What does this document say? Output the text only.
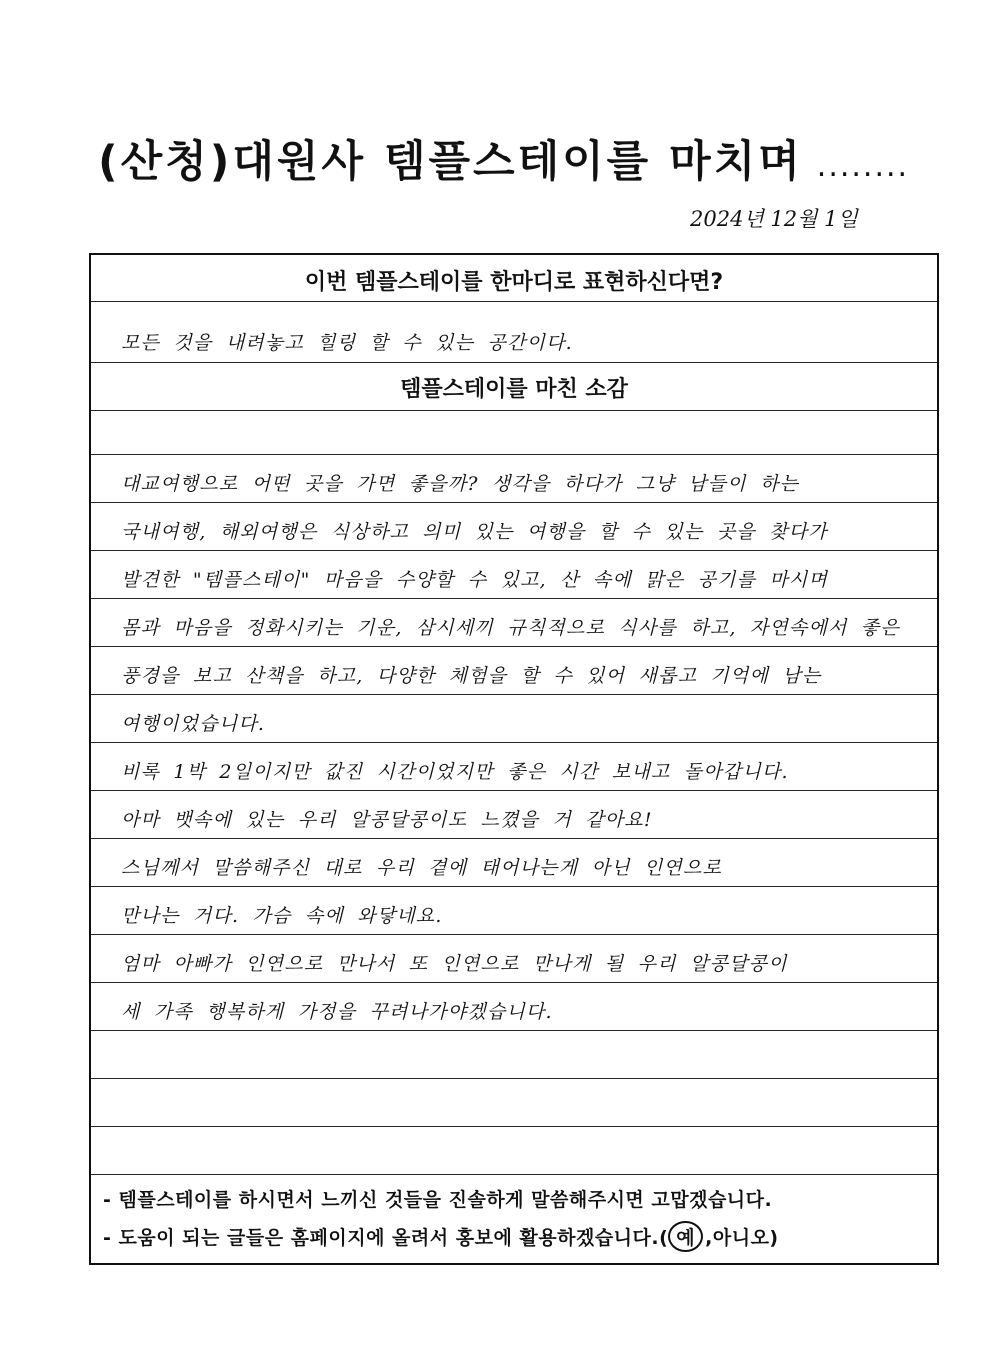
(산청)대원사 템플스테이를 마치며 ........
2024년 12월 1일
이번 템플스테이를 한마디로 표현하신다면?
모든 것을 내려놓고 힐링 할 수 있는 공간이다.
템플스테이를 마친 소감
대교여행으로 어떤 곳을 가면 좋을까? 생각을 하다가 그냥 남들이 하는
국내여행, 해외여행은 식상하고 의미 있는 여행을 할 수 있는 곳을 찾다가
발견한 "템플스테이" 마음을 수양할 수 있고, 산 속에 맑은 공기를 마시며
몸과 마음을 정화시키는 기운, 삼시세끼 규칙적으로 식사를 하고, 자연속에서 좋은
풍경을 보고 산책을 하고, 다양한 체험을 할 수 있어 새롭고 기억에 남는
여행이었습니다.
비록 1박 2일이지만 값진 시간이었지만 좋은 시간 보내고 돌아갑니다.
아마 뱃속에 있는 우리 알콩달콩이도 느꼈을 거 같아요!
스님께서 말씀해주신 대로 우리 곁에 태어나는게 아닌 인연으로
만나는 거다. 가슴 속에 와닿네요.
엄마 아빠가 인연으로 만나서 또 인연으로 만나게 될 우리 알콩달콩이
세 가족 행복하게 가정을 꾸려나가야겠습니다.
- 템플스테이를 하시면서 느끼신 것들을 진솔하게 말씀해주시면 고맙겠습니다.
- 도움이 되는 글들은 홈페이지에 올려서 홍보에 활용하겠습니다.( 예 ,아니오)
